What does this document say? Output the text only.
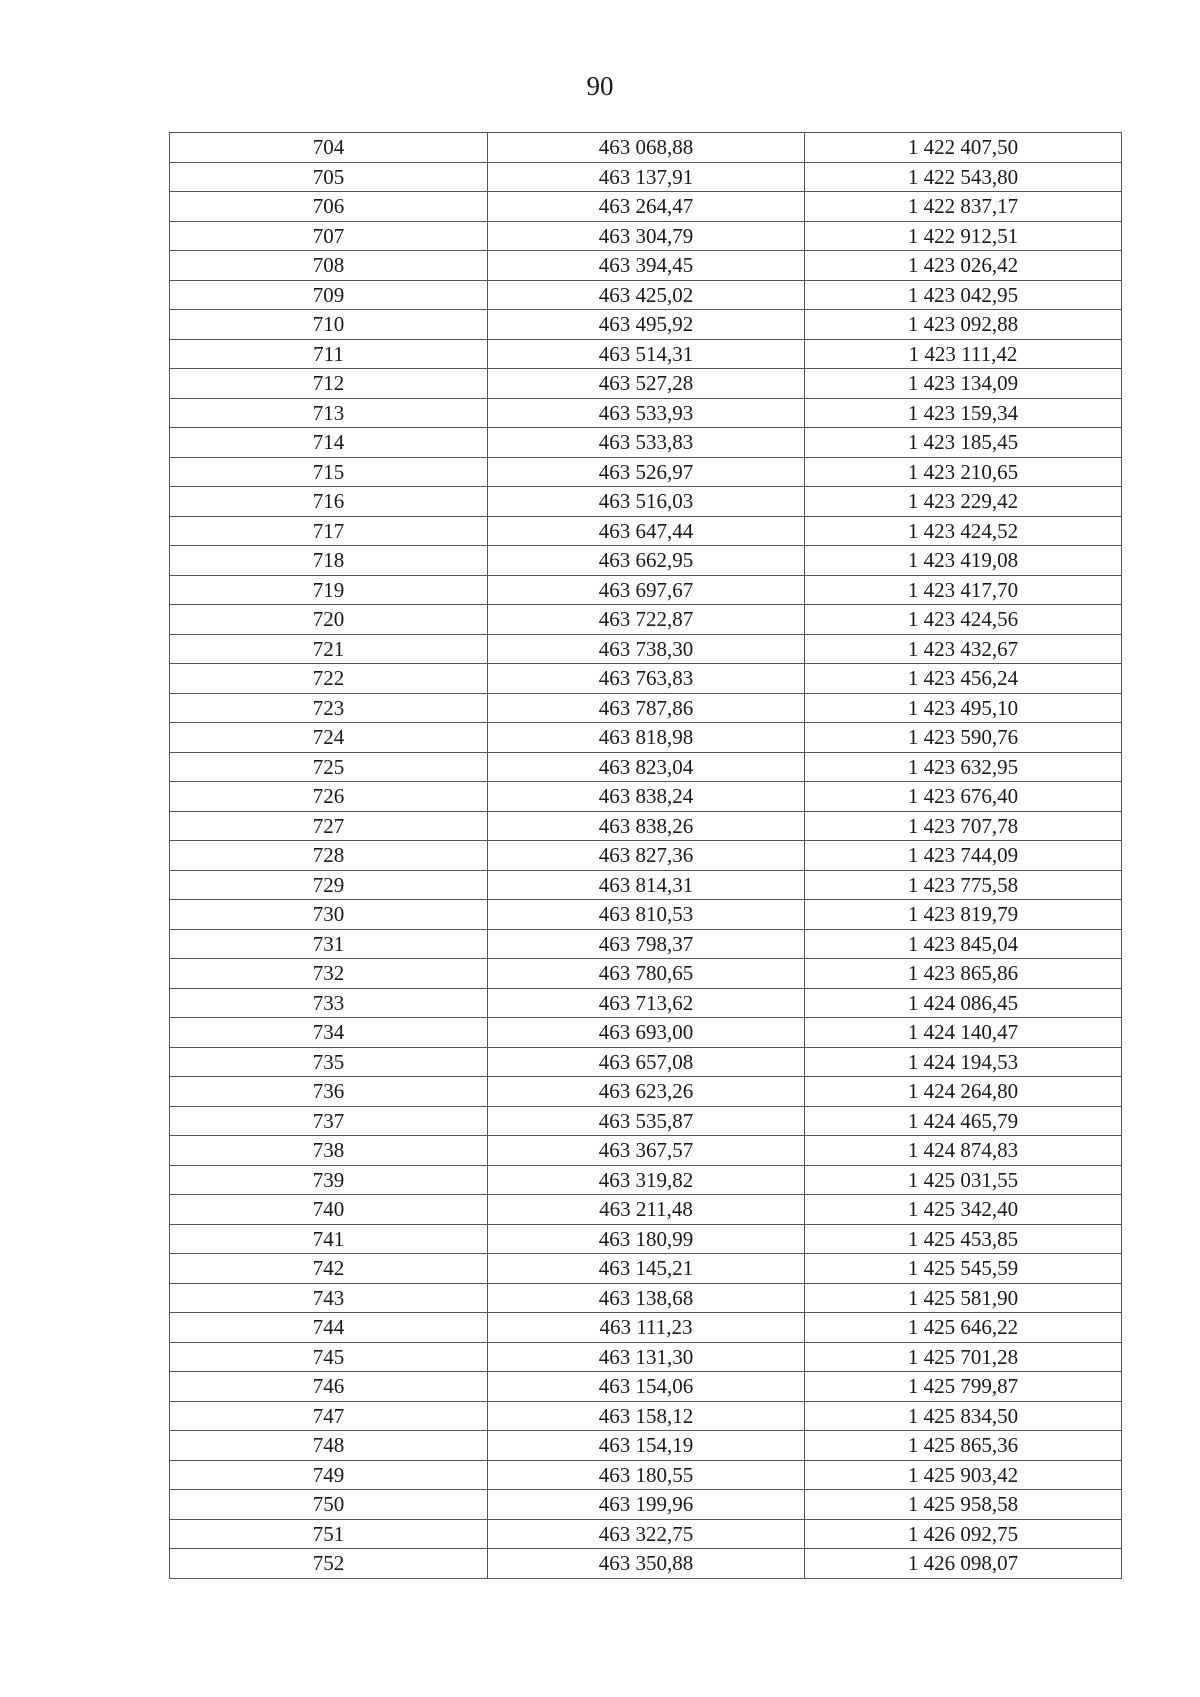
90
704	463 068,88	1 422 407,50
705	463 137,91	1 422 543,80
706	463 264,47	1 422 837,17
707	463 304,79	1 422 912,51
708	463 394,45	1 423 026,42
709	463 425,02	1 423 042,95
710	463 495,92	1 423 092,88
711	463 514,31	1 423 111,42
712	463 527,28	1 423 134,09
713	463 533,93	1 423 159,34
714	463 533,83	1 423 185,45
715	463 526,97	1 423 210,65
716	463 516,03	1 423 229,42
717	463 647,44	1 423 424,52
718	463 662,95	1 423 419,08
719	463 697,67	1 423 417,70
720	463 722,87	1 423 424,56
721	463 738,30	1 423 432,67
722	463 763,83	1 423 456,24
723	463 787,86	1 423 495,10
724	463 818,98	1 423 590,76
725	463 823,04	1 423 632,95
726	463 838,24	1 423 676,40
727	463 838,26	1 423 707,78
728	463 827,36	1 423 744,09
729	463 814,31	1 423 775,58
730	463 810,53	1 423 819,79
731	463 798,37	1 423 845,04
732	463 780,65	1 423 865,86
733	463 713,62	1 424 086,45
734	463 693,00	1 424 140,47
735	463 657,08	1 424 194,53
736	463 623,26	1 424 264,80
737	463 535,87	1 424 465,79
738	463 367,57	1 424 874,83
739	463 319,82	1 425 031,55
740	463 211,48	1 425 342,40
741	463 180,99	1 425 453,85
742	463 145,21	1 425 545,59
743	463 138,68	1 425 581,90
744	463 111,23	1 425 646,22
745	463 131,30	1 425 701,28
746	463 154,06	1 425 799,87
747	463 158,12	1 425 834,50
748	463 154,19	1 425 865,36
749	463 180,55	1 425 903,42
750	463 199,96	1 425 958,58
751	463 322,75	1 426 092,75
752	463 350,88	1 426 098,07
